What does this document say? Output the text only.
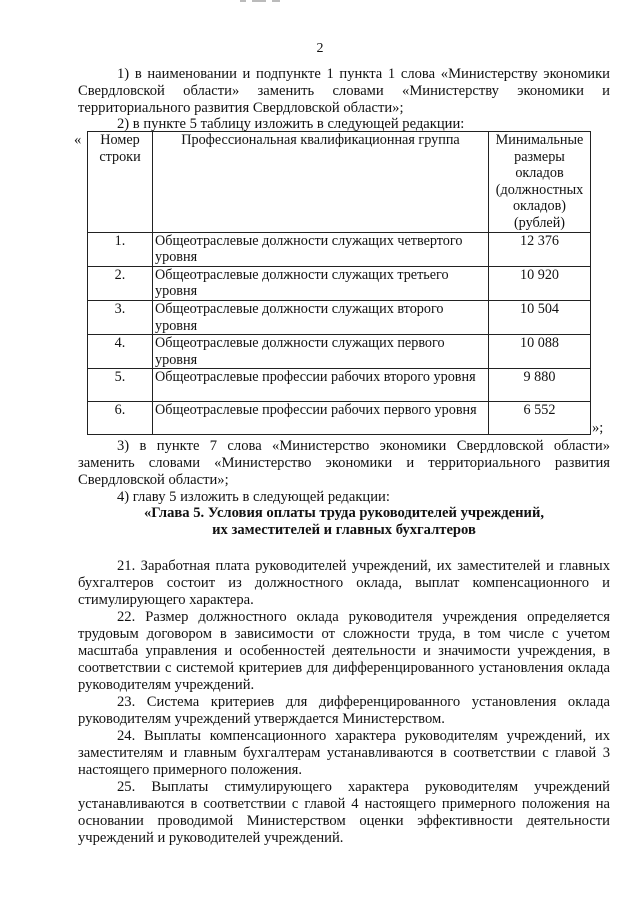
2

1) в наименовании и подпункте 1 пункта 1 слова «Министерству экономики Свердловской области» заменить словами «Министерству экономики и территориального развития Свердловской области»;

2) в пункте 5 таблицу изложить в следующей редакции:

« Номер строки	Профессиональная квалификационная группа	Минимальные размеры окладов (должностных окладов) (рублей)
1.	Общеотраслевые должности служащих четвертого уровня	12 376
2.	Общеотраслевые должности служащих третьего уровня	10 920
3.	Общеотраслевые должности служащих второго уровня	10 504
4.	Общеотраслевые должности служащих первого уровня	10 088
5.	Общеотраслевые профессии рабочих второго уровня	9 880
6.	Общеотраслевые профессии рабочих первого уровня	6 552
»;

3) в пункте 7 слова «Министерство экономики Свердловской области» заменить словами «Министерство экономики и территориального развития Свердловской области»;

4) главу 5 изложить в следующей редакции:

«Глава 5. Условия оплаты труда руководителей учреждений,
их заместителей и главных бухгалтеров

21. Заработная плата руководителей учреждений, их заместителей и главных бухгалтеров состоит из должностного оклада, выплат компенсационного и стимулирующего характера.

22. Размер должностного оклада руководителя учреждения определяется трудовым договором в зависимости от сложности труда, в том числе с учетом масштаба управления и особенностей деятельности и значимости учреждения, в соответствии с системой критериев для дифференцированного установления оклада руководителям учреждений.

23. Система критериев для дифференцированного установления оклада руководителям учреждений утверждается Министерством.

24. Выплаты компенсационного характера руководителям учреждений, их заместителям и главным бухгалтерам устанавливаются в соответствии с главой 3 настоящего примерного положения.

25. Выплаты стимулирующего характера руководителям учреждений устанавливаются в соответствии с главой 4 настоящего примерного положения на основании проводимой Министерством оценки эффективности деятельности учреждений и руководителей учреждений.
